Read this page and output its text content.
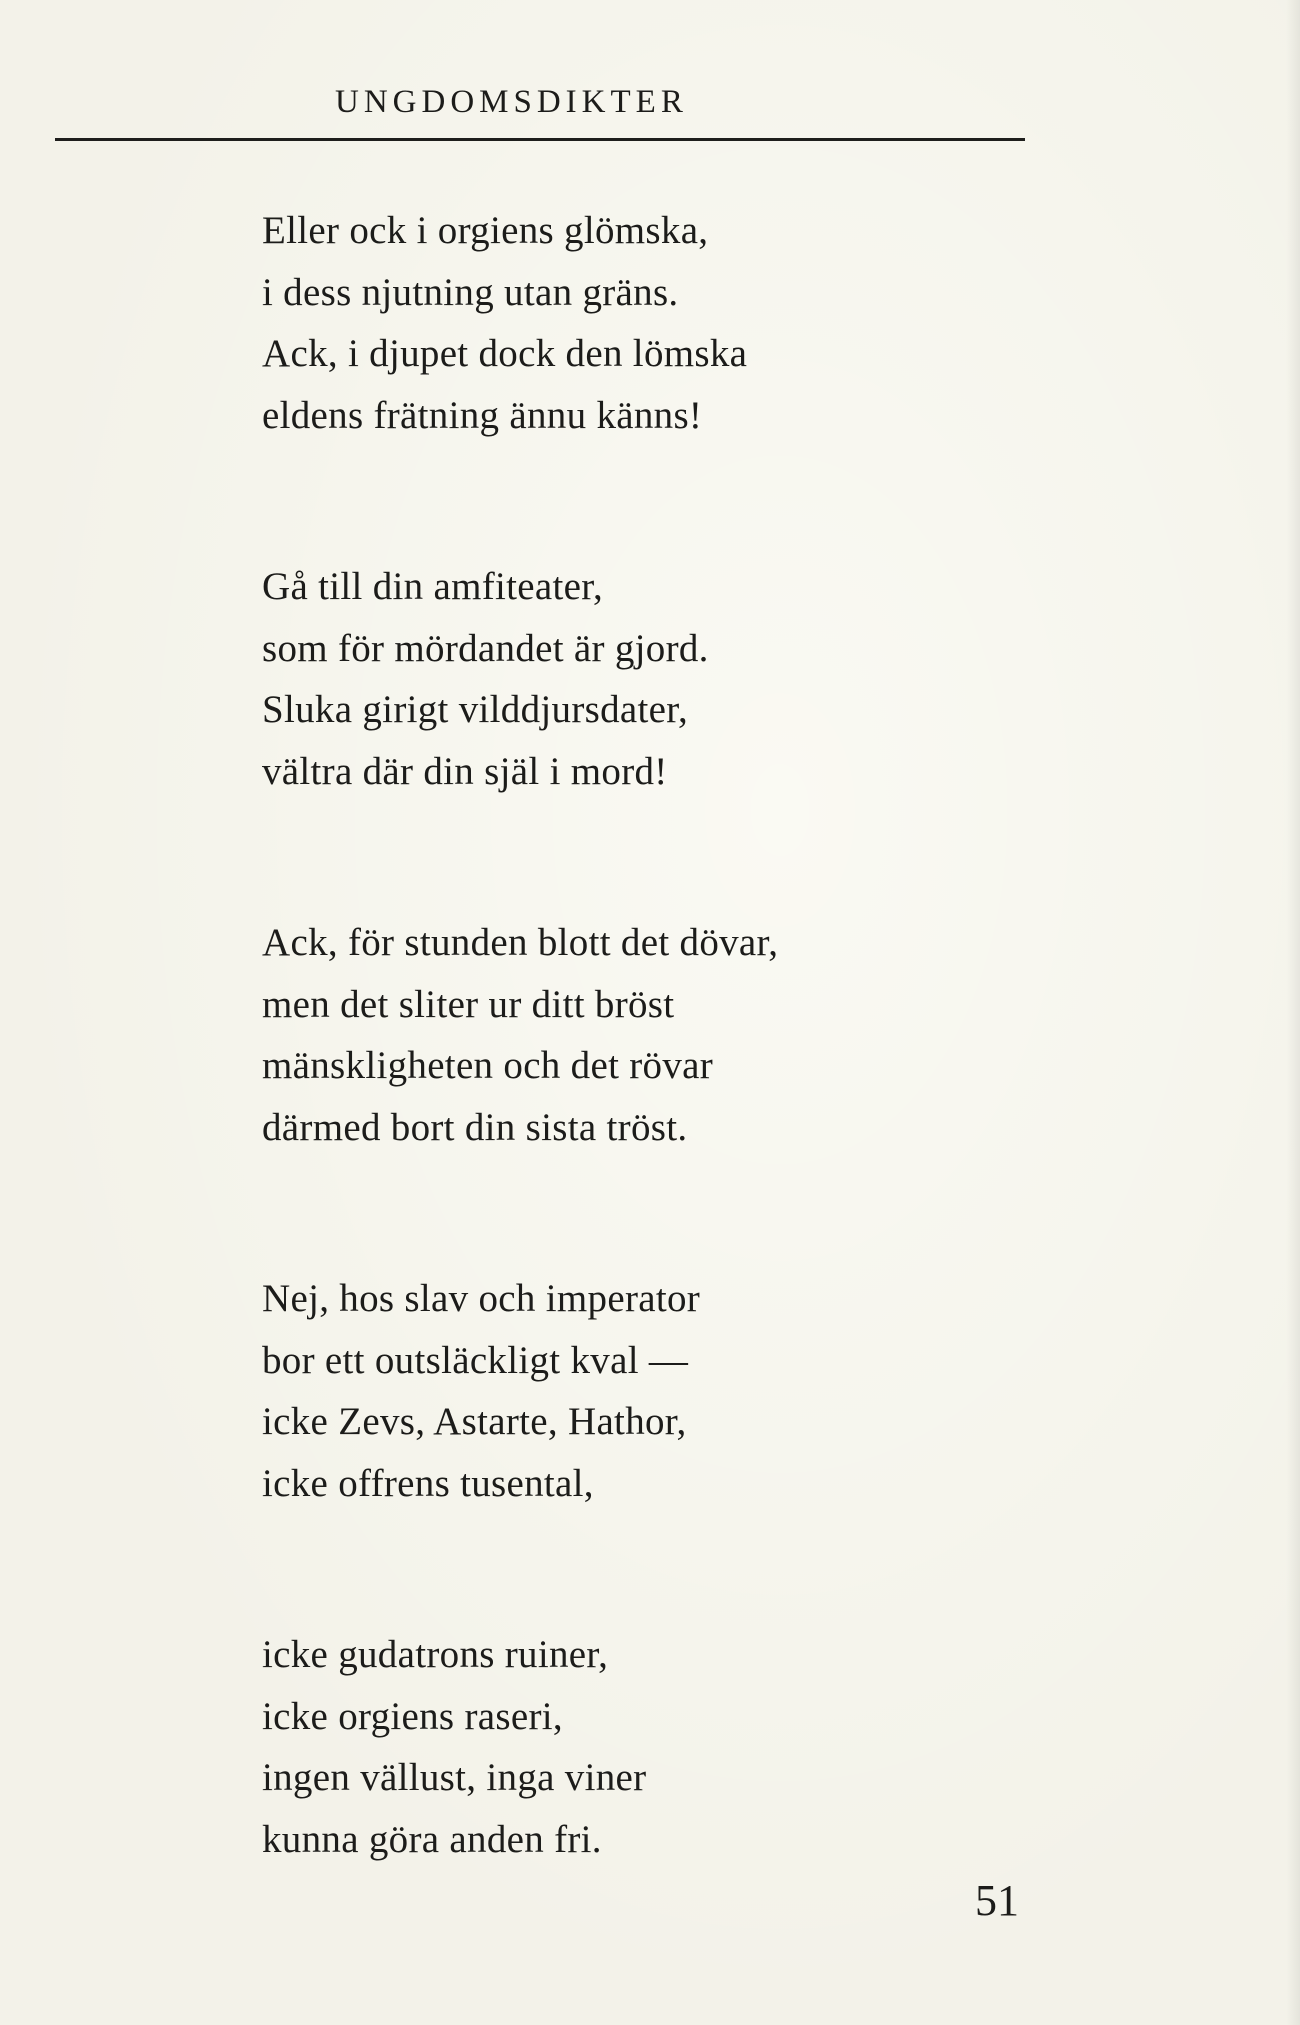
UNGDOMSDIKTER
Eller ock i orgiens glömska,
i dess njutning utan gräns.
Ack, i djupet dock den lömska
eldens frätning ännu känns!
Gå till din amfiteater,
som för mördandet är gjord.
Sluka girigt vilddjursdater,
vältra där din själ i mord!
Ack, för stunden blott det dövar,
men det sliter ur ditt bröst
mänskligheten och det rövar
därmed bort din sista tröst.
Nej, hos slav och imperator
bor ett outsläckligt kval —
icke Zevs, Astarte, Hathor,
icke offrens tusental,
icke gudatrons ruiner,
icke orgiens raseri,
ingen vällust, inga viner
kunna göra anden fri.
51
